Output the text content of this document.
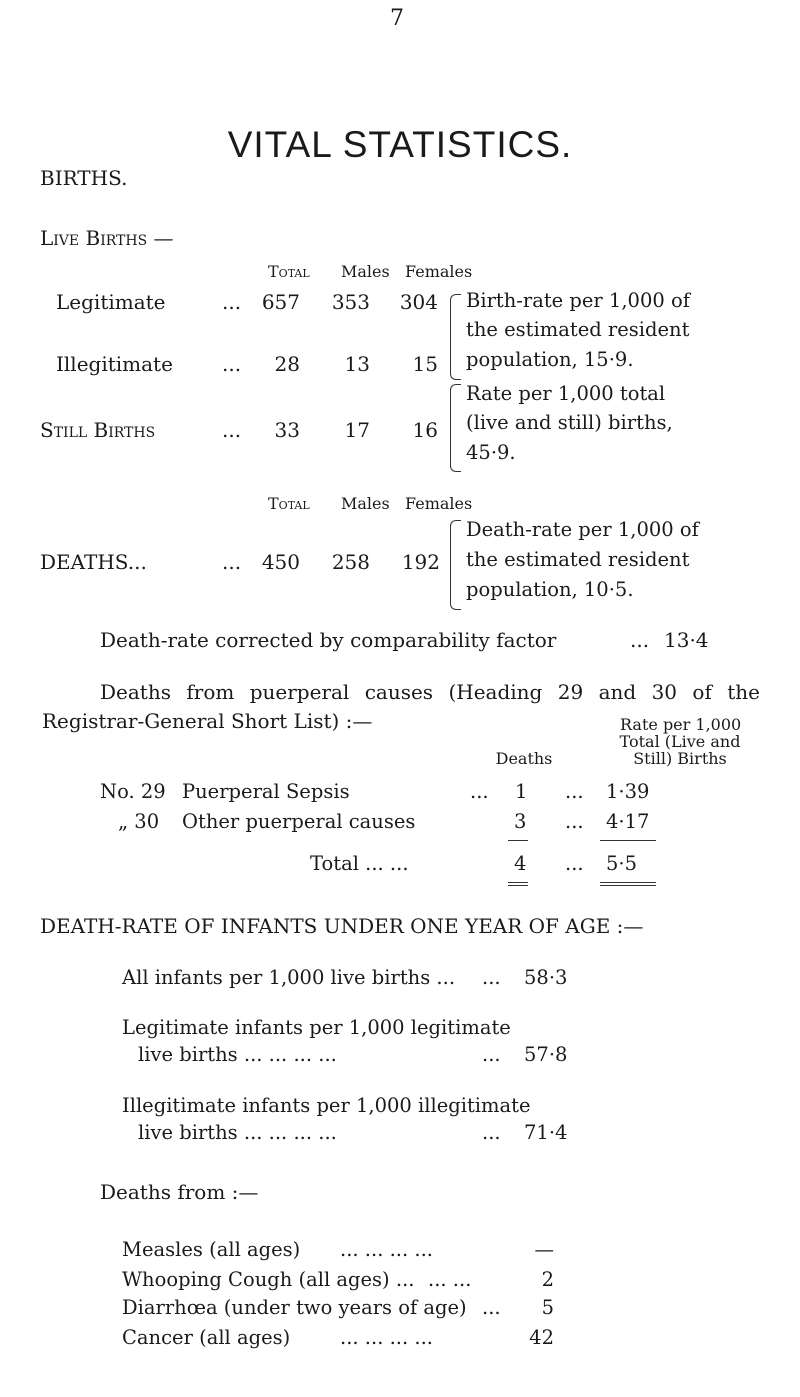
7
VITAL STATISTICS.
BIRTHS.
Live Births —
Total Males Females
Legitimate	...	657	353	304
Illegitimate ...	28	13	15
Birth-rate per 1,000 of
the estimated resident
population, 15·9.
Still Births	...	33	17	16
Rate per 1,000 total
(live and still) births,
45·9.
Total Males Females
DEATHS...	...	450	258	192
Death-rate per 1,000 of
the estimated resident
population, 10·5.
Death-rate corrected by comparability factor	... 13·4
Deaths from puerperal causes (Heading 29 and 30 of the
Registrar-General Short List) :—	Rate per 1,000
Total (Live and
Still) Births
Deaths
No. 29 Puerperal Sepsis	... 1 ... 1·39
„ 30 Other puerperal causes	3 ... 4·17
Total ... ...	4 ... 5·5
DEATH-RATE OF INFANTS UNDER ONE YEAR OF AGE :—
All infants per 1,000 live births ... ... 58·3
Legitimate infants per 1,000 legitimate
live births ... ... ... ...	... 57·8
Illegitimate infants per 1,000 illegitimate
live births ... ... ... ...	... 71·4
Deaths from :—
Measles (all ages) ... ... ... ...	—
Whooping Cough (all ages) ... ... ...	2
Diarrhœa (under two years of age) ...	5
Cancer (all ages)	... ... ... ...	42
